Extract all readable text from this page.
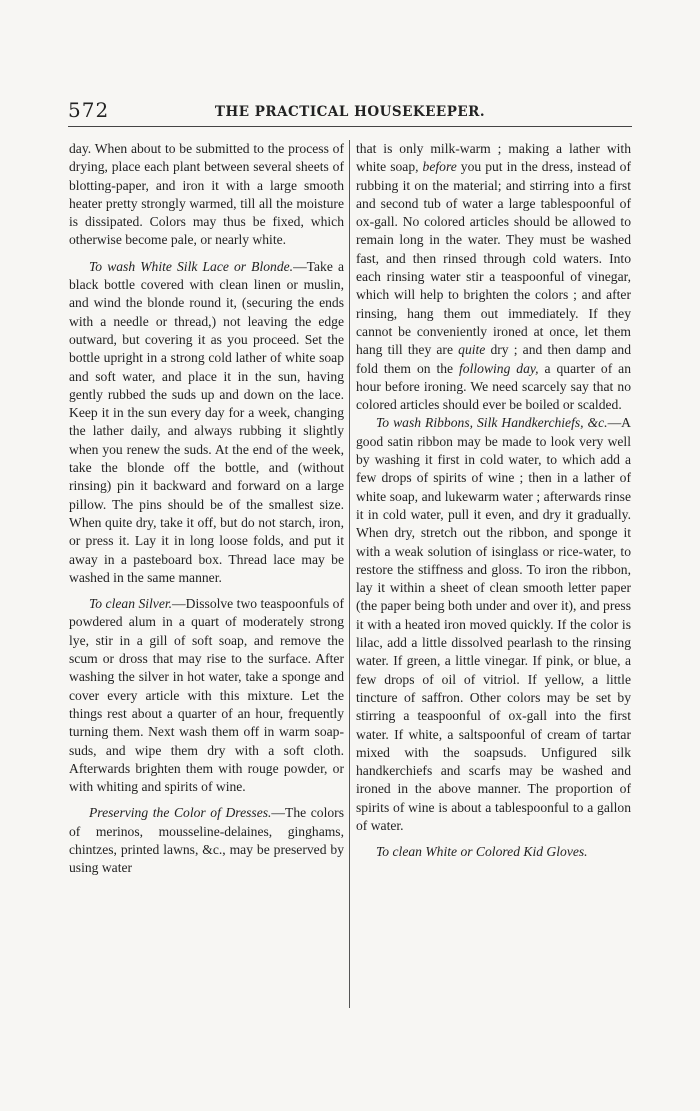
572	THE PRACTICAL HOUSEKEEPER.

day. When about to be submitted to the process of drying, place each plant between several sheets of blotting-paper, and iron it with a large smooth heater pretty strongly warmed, till all the moisture is dissipated. Colors may thus be fixed, which otherwise become pale, or nearly white.

To wash White Silk Lace or Blonde.—Take a black bottle covered with clean linen or muslin, and wind the blonde round it, (securing the ends with a needle or thread,) not leaving the edge outward, but covering it as you proceed. Set the bottle upright in a strong cold lather of white soap and soft water, and place it in the sun, having gently rubbed the suds up and down on the lace. Keep it in the sun every day for a week, changing the lather daily, and always rubbing it slightly when you renew the suds. At the end of the week, take the blonde off the bottle, and (without rinsing) pin it backward and forward on a large pillow. The pins should be of the smallest size. When quite dry, take it off, but do not starch, iron, or press it. Lay it in long loose folds, and put it away in a pasteboard box. Thread lace may be washed in the same manner.

To clean Silver.—Dissolve two teaspoonfuls of powdered alum in a quart of moderately strong lye, stir in a gill of soft soap, and remove the scum or dross that may rise to the surface. After washing the silver in hot water, take a sponge and cover every article with this mixture. Let the things rest about a quarter of an hour, frequently turning them. Next wash them off in warm soap-suds, and wipe them dry with a soft cloth. Afterwards brighten them with rouge powder, or with whiting and spirits of wine.

Preserving the Color of Dresses.—The colors of merinos, mousseline-delaines, ginghams, chintzes, printed lawns, &c., may be preserved by using water

that is only milk-warm ; making a lather with white soap, before you put in the dress, instead of rubbing it on the material; and stirring into a first and second tub of water a large tablespoonful of ox-gall. No colored articles should be allowed to remain long in the water. They must be washed fast, and then rinsed through cold waters. Into each rinsing water stir a teaspoonful of vinegar, which will help to brighten the colors ; and after rinsing, hang them out immediately. If they cannot be conveniently ironed at once, let them hang till they are quite dry ; and then damp and fold them on the following day, a quarter of an hour before ironing. We need scarcely say that no colored articles should ever be boiled or scalded.

To wash Ribbons, Silk Handkerchiefs, &c.—A good satin ribbon may be made to look very well by washing it first in cold water, to which add a few drops of spirits of wine ; then in a lather of white soap, and lukewarm water ; afterwards rinse it in cold water, pull it even, and dry it gradually. When dry, stretch out the ribbon, and sponge it with a weak solution of isinglass or rice-water, to restore the stiffness and gloss. To iron the ribbon, lay it within a sheet of clean smooth letter paper (the paper being both under and over it), and press it with a heated iron moved quickly. If the color is lilac, add a little dissolved pearlash to the rinsing water. If green, a little vinegar. If pink, or blue, a few drops of oil of vitriol. If yellow, a little tincture of saffron. Other colors may be set by stirring a teaspoonful of ox-gall into the first water. If white, a saltspoonful of cream of tartar mixed with the soapsuds. Unfigured silk handkerchiefs and scarfs may be washed and ironed in the above manner. The proportion of spirits of wine is about a tablespoonful to a gallon of water.

To clean White or Colored Kid Gloves.
